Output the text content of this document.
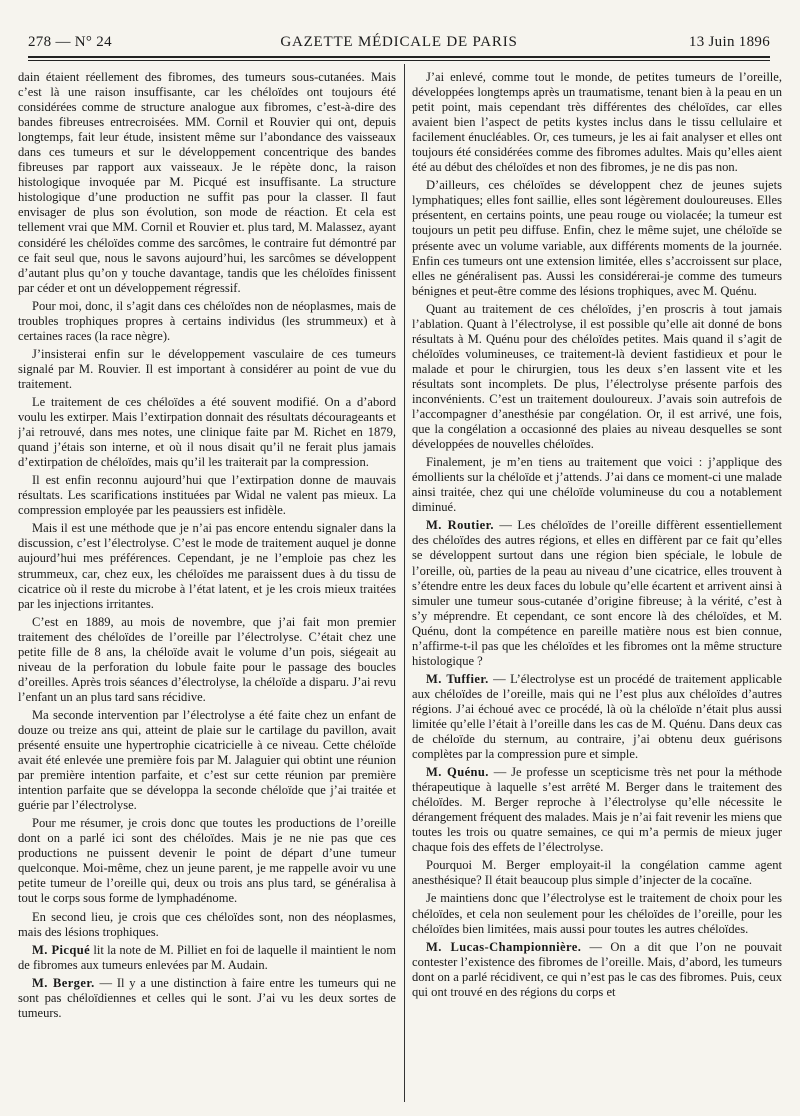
278 — N° 24	GAZETTE MÉDICALE DE PARIS	13 Juin 1896

dain étaient réellement des fibromes, des tumeurs sous-cutanées. Mais c’est là une raison insuffisante, car les chéloïdes ont toujours été considérées comme de structure analogue aux fibromes, c’est-à-dire des bandes fibreuses entrecroisées. MM. Cornil et Rouvier qui ont, depuis longtemps, fait leur étude, insistent même sur l’abondance des vaisseaux dans ces tumeurs et sur le développement concentrique des bandes fibreuses par rapport aux vaisseaux. Je le répète donc, la raison histologique invoquée par M. Picqué est insuffisante. La structure histologique d’une production ne suffit pas pour la classer. Il faut envisager de plus son évolution, son mode de réaction. Et cela est tellement vrai que MM. Cornil et Rouvier et. plus tard, M. Malassez, ayant considéré les chéloïdes comme des sarcômes, le contraire fut démontré par ce fait seul que, nous le savons aujourd’hui, les sarcômes se développent d’autant plus qu’on y touche davantage, tandis que les chéloïdes finissent par céder et ont un développement régressif.

Pour moi, donc, il s’agit dans ces chéloïdes non de néoplasmes, mais de troubles trophiques propres à certains individus (les strummeux) et à certaines races (la race nègre).

J’insisterai enfin sur le développement vasculaire de ces tumeurs signalé par M. Rouvier. Il est important à considérer au point de vue du traitement.

Le traitement de ces chéloïdes a été souvent modifié. On a d’abord voulu les extirper. Mais l’extirpation donnait des résultats décourageants et j’ai retrouvé, dans mes notes, une clinique faite par M. Richet en 1879, quand j’étais son interne, et où il nous disait qu’il ne ferait plus jamais d’extirpation de chéloïdes, mais qu’il les traiterait par la compression.

Il est enfin reconnu aujourd’hui que l’extirpation donne de mauvais résultats. Les scarifications instituées par Widal ne valent pas mieux. La compression employée par les peaussiers est infidèle.

Mais il est une méthode que je n’ai pas encore entendu signaler dans la discussion, c’est l’électrolyse. C’est le mode de traitement auquel je donne aujourd’hui mes préférences. Cependant, je ne l’emploie pas chez les strummeux, car, chez eux, les chéloïdes me paraissent dues à du tissu de cicatrice où il reste du microbe à l’état latent, et je les crois mieux traitées par les injections irritantes.

C’est en 1889, au mois de novembre, que j’ai fait mon premier traitement des chéloïdes de l’oreille par l’électrolyse. C’était chez une petite fille de 8 ans, la chéloïde avait le volume d’un pois, siégeait au niveau de la perforation du lobule faite pour le passage des boucles d’oreilles. Après trois séances d’électrolyse, la chéloïde a disparu. J’ai revu l’enfant un an plus tard sans récidive.

Ma seconde intervention par l’électrolyse a été faite chez un enfant de douze ou treize ans qui, atteint de plaie sur le cartilage du pavillon, avait présenté ensuite une hypertrophie cicatricielle à ce niveau. Cette chéloïde avait été enlevée une première fois par M. Jalaguier qui obtint une réunion par première intention parfaite, et c’est sur cette réunion par première intention parfaite que se développa la seconde chéloïde que j’ai traitée et guérie par l’électrolyse.

Pour me résumer, je crois donc que toutes les productions de l’oreille dont on a parlé ici sont des chéloïdes. Mais je ne nie pas que ces productions ne puissent devenir le point de départ d’une tumeur quelconque. Moi-même, chez un jeune parent, je me rappelle avoir vu une petite tumeur de l’oreille qui, deux ou trois ans plus tard, se généralisa à tout le corps sous forme de lymphadénome.

En second lieu, je crois que ces chéloïdes sont, non des néoplasmes, mais des lésions trophiques.

M. Picqué lit la note de M. Pilliet en foi de laquelle il maintient le nom de fibromes aux tumeurs enlevées par M. Audain.

M. Berger. — Il y a une distinction à faire entre les tumeurs qui ne sont pas chéloïdiennes et celles qui le sont. J’ai vu les deux sortes de tumeurs.

J’ai enlevé, comme tout le monde, de petites tumeurs de l’oreille, développées longtemps après un traumatisme, tenant bien à la peau en un petit point, mais cependant très différentes des chéloïdes, car elles avaient bien l’aspect de petits kystes inclus dans le tissu cellulaire et facilement énucléables. Or, ces tumeurs, je les ai fait analyser et elles ont toujours été considérées comme des fibromes adultes. Mais qu’elles aient été au début des chéloïdes et non des fibromes, je ne dis pas non.

D’ailleurs, ces chéloïdes se développent chez de jeunes sujets lymphatiques; elles font saillie, elles sont légèrement douloureuses. Elles présentent, en certains points, une peau rouge ou violacée; la tumeur est toujours un petit peu diffuse. Enfin, chez le même sujet, une chéloïde se présente avec un volume variable, aux différents moments de la journée. Enfin ces tumeurs ont une extension limitée, elles s’accroissent sur place, elles ne généralisent pas. Aussi les considérerai-je comme des tumeurs bénignes et peut-être comme des lésions trophiques, avec M. Quénu.

Quant au traitement de ces chéloïdes, j’en proscris à tout jamais l’ablation. Quant à l’électrolyse, il est possible qu’elle ait donné de bons résultats à M. Quénu pour des chéloïdes petites. Mais quand il s’agit de chéloïdes volumineuses, ce traitement-là devient fastidieux et pour le malade et pour le chirurgien, tous les deux s’en lassent vite et les résultats sont incomplets. De plus, l’électrolyse présente parfois des inconvénients. C’est un traitement douloureux. J’avais soin autrefois de l’accompagner d’anesthésie par congélation. Or, il est arrivé, une fois, que la congélation a occasionné des plaies au niveau desquelles se sont développées de nouvelles chéloïdes.

Finalement, je m’en tiens au traitement que voici : j’applique des émollients sur la chéloïde et j’attends. J’ai dans ce moment-ci une malade ainsi traitée, chez qui une chéloïde volumineuse du cou a notablement diminué.

M. Routier. — Les chéloïdes de l’oreille diffèrent essentiellement des chéloïdes des autres régions, et elles en diffèrent par ce fait qu’elles se développent surtout dans une région bien spéciale, le lobule de l’oreille, où, parties de la peau au niveau d’une cicatrice, elles trouvent à s’étendre entre les deux faces du lobule qu’elle écartent et arrivent ainsi à simuler une tumeur sous-cutanée d’origine fibreuse; à la vérité, c’est à s’y méprendre. Et cependant, ce sont encore là des chéloïdes, et M. Quénu, dont la compétence en pareille matière nous est bien connue, n’affirme-t-il pas que les chéloïdes et les fibromes ont la même structure histologique ?

M. Tuffier. — L’électrolyse est un procédé de traitement applicable aux chéloïdes de l’oreille, mais qui ne l’est plus aux chéloïdes d’autres régions. J’ai échoué avec ce procédé, là où la chéloïde n’était plus aussi limitée qu’elle l’était à l’oreille dans les cas de M. Quénu. Dans deux cas de chéloïde du sternum, au contraire, j’ai obtenu deux guérisons complètes par la compression pure et simple.

M. Quénu. — Je professe un scepticisme très net pour la méthode thérapeutique à laquelle s’est arrêté M. Berger dans le traitement des chéloïdes. M. Berger reproche à l’électrolyse qu’elle nécessite le dérangement fréquent des malades. Mais je n’ai fait revenir les miens que toutes les trois ou quatre semaines, ce qui m’a permis de mieux juger chaque fois des effets de l’électrolyse.

Pourquoi M. Berger employait-il la congélation camme agent anesthésique? Il était beaucoup plus simple d’injecter de la cocaïne.

Je maintiens donc que l’électrolyse est le traitement de choix pour les chéloïdes, et cela non seulement pour les chéloïdes de l’oreille, pour les chéloïdes bien limitées, mais aussi pour toutes les autres chéloïdes.

M. Lucas-Championnière. — On a dit que l’on ne pouvait contester l’existence des fibromes de l’oreille. Mais, d’abord, les tumeurs dont on a parlé récidivent, ce qui n’est pas le cas des fibromes. Puis, ceux qui ont trouvé en des régions du corps et
